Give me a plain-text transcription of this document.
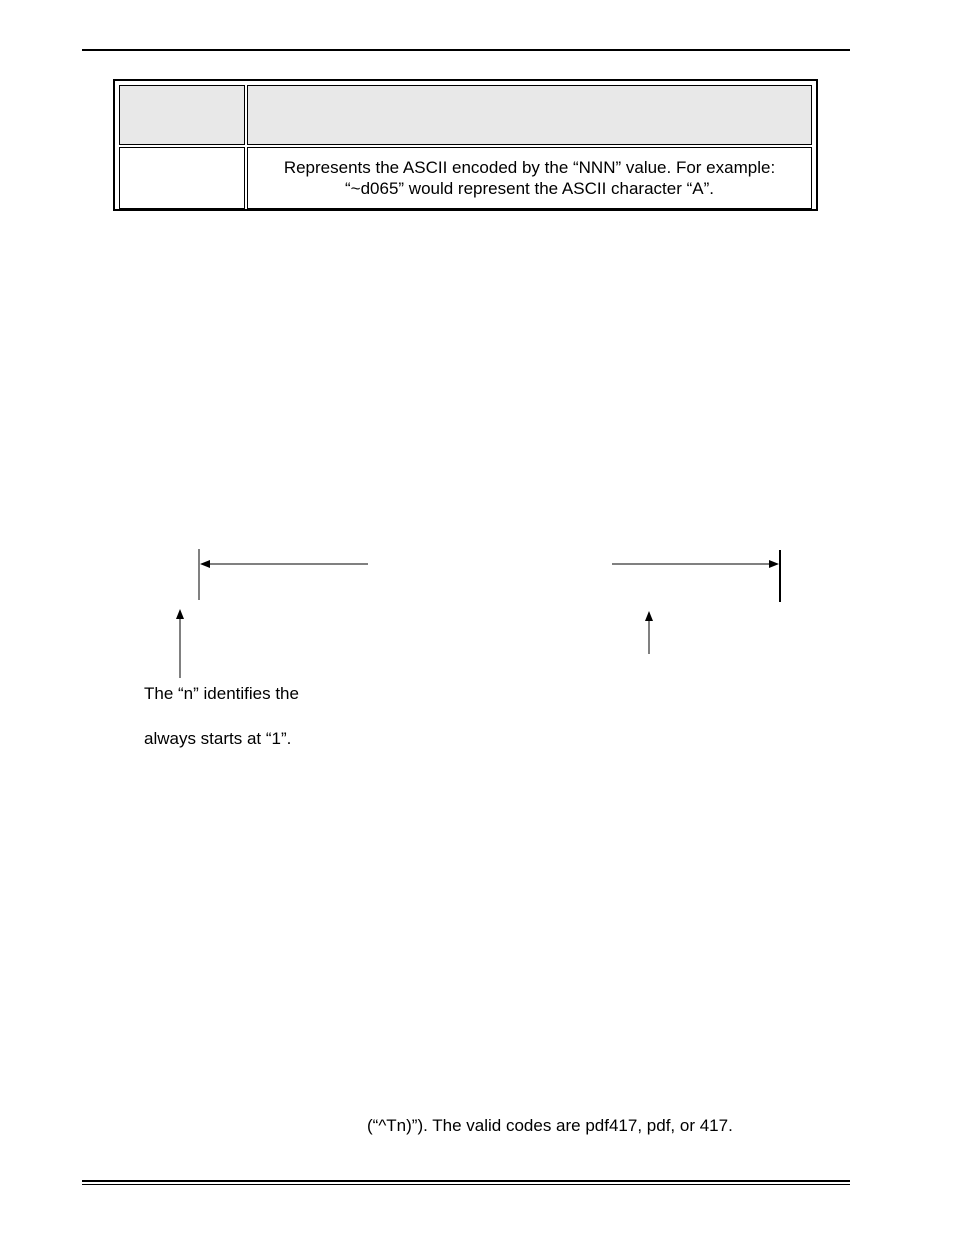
	Represents the ASCII encoded by the “NNN” value. For example:
“~d065” would represent the ASCII character “A”.
The “n” identifies the
always starts at “1”.
(“^Tn)”). The valid codes are pdf417, pdf, or 417.
